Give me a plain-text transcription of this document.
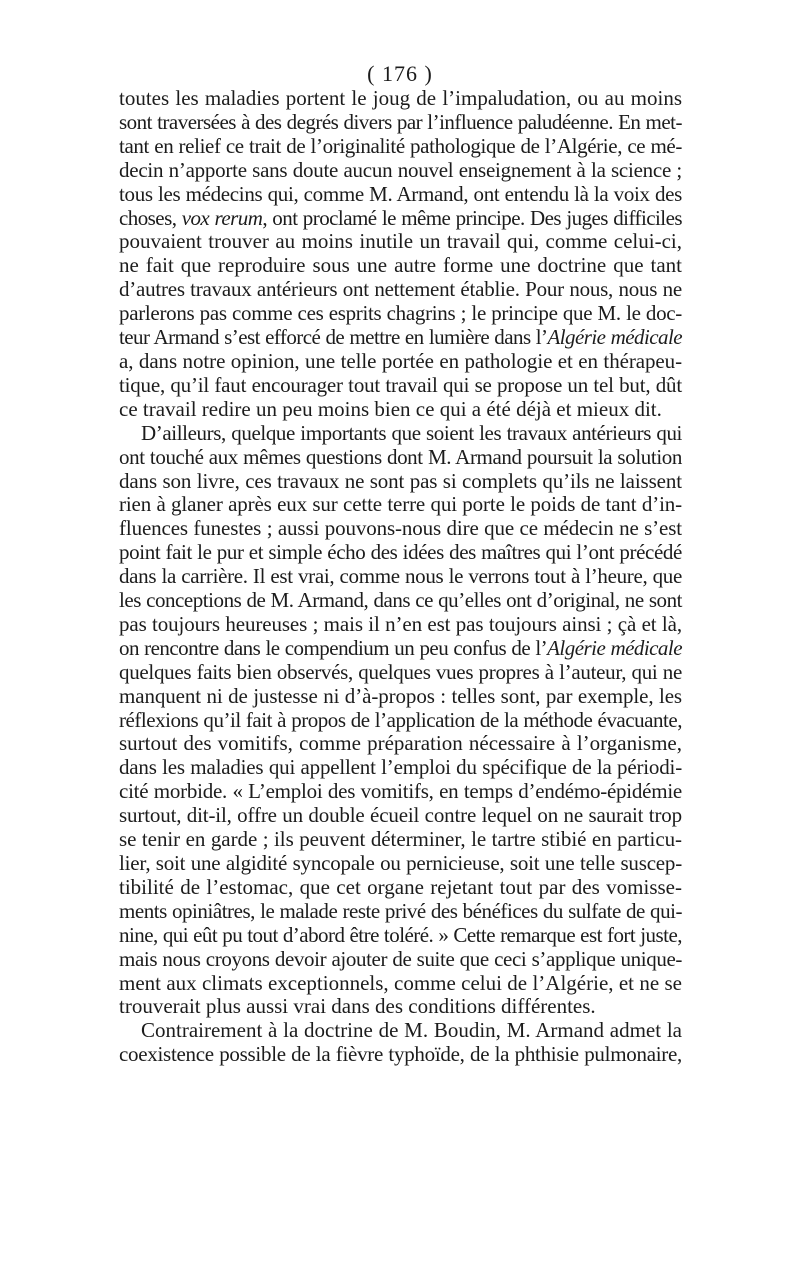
( 176 )
toutes les maladies portent le joug de l’impaludation, ou au moins
sont traversées à des degrés divers par l’influence paludéenne. En met-
tant en relief ce trait de l’originalité pathologique de l’Algérie, ce mé-
decin n’apporte sans doute aucun nouvel enseignement à la science ;
tous les médecins qui, comme M. Armand, ont entendu là la voix des
choses, vox rerum, ont proclamé le même principe. Des juges difficiles
pouvaient trouver au moins inutile un travail qui, comme celui-ci,
ne fait que reproduire sous une autre forme une doctrine que tant
d’autres travaux antérieurs ont nettement établie. Pour nous, nous ne
parlerons pas comme ces esprits chagrins ; le principe que M. le doc-
teur Armand s’est efforcé de mettre en lumière dans l’Algérie médicale
a, dans notre opinion, une telle portée en pathologie et en thérapeu-
tique, qu’il faut encourager tout travail qui se propose un tel but, dût
ce travail redire un peu moins bien ce qui a été déjà et mieux dit.
D’ailleurs, quelque importants que soient les travaux antérieurs qui
ont touché aux mêmes questions dont M. Armand poursuit la solution
dans son livre, ces travaux ne sont pas si complets qu’ils ne laissent
rien à glaner après eux sur cette terre qui porte le poids de tant d’in-
fluences funestes ; aussi pouvons-nous dire que ce médecin ne s’est
point fait le pur et simple écho des idées des maîtres qui l’ont précédé
dans la carrière. Il est vrai, comme nous le verrons tout à l’heure, que
les conceptions de M. Armand, dans ce qu’elles ont d’original, ne sont
pas toujours heureuses ; mais il n’en est pas toujours ainsi ; çà et là,
on rencontre dans le compendium un peu confus de l’Algérie médicale
quelques faits bien observés, quelques vues propres à l’auteur, qui ne
manquent ni de justesse ni d’à-propos : telles sont, par exemple, les
réflexions qu’il fait à propos de l’application de la méthode évacuante,
surtout des vomitifs, comme préparation nécessaire à l’organisme,
dans les maladies qui appellent l’emploi du spécifique de la périodi-
cité morbide. « L’emploi des vomitifs, en temps d’endémo-épidémie
surtout, dit-il, offre un double écueil contre lequel on ne saurait trop
se tenir en garde ; ils peuvent déterminer, le tartre stibié en particu-
lier, soit une algidité syncopale ou pernicieuse, soit une telle suscep-
tibilité de l’estomac, que cet organe rejetant tout par des vomisse-
ments opiniâtres, le malade reste privé des bénéfices du sulfate de qui-
nine, qui eût pu tout d’abord être toléré. » Cette remarque est fort juste,
mais nous croyons devoir ajouter de suite que ceci s’applique unique-
ment aux climats exceptionnels, comme celui de l’Algérie, et ne se
trouverait plus aussi vrai dans des conditions différentes.
Contrairement à la doctrine de M. Boudin, M. Armand admet la
coexistence possible de la fièvre typhoïde, de la phthisie pulmonaire,
